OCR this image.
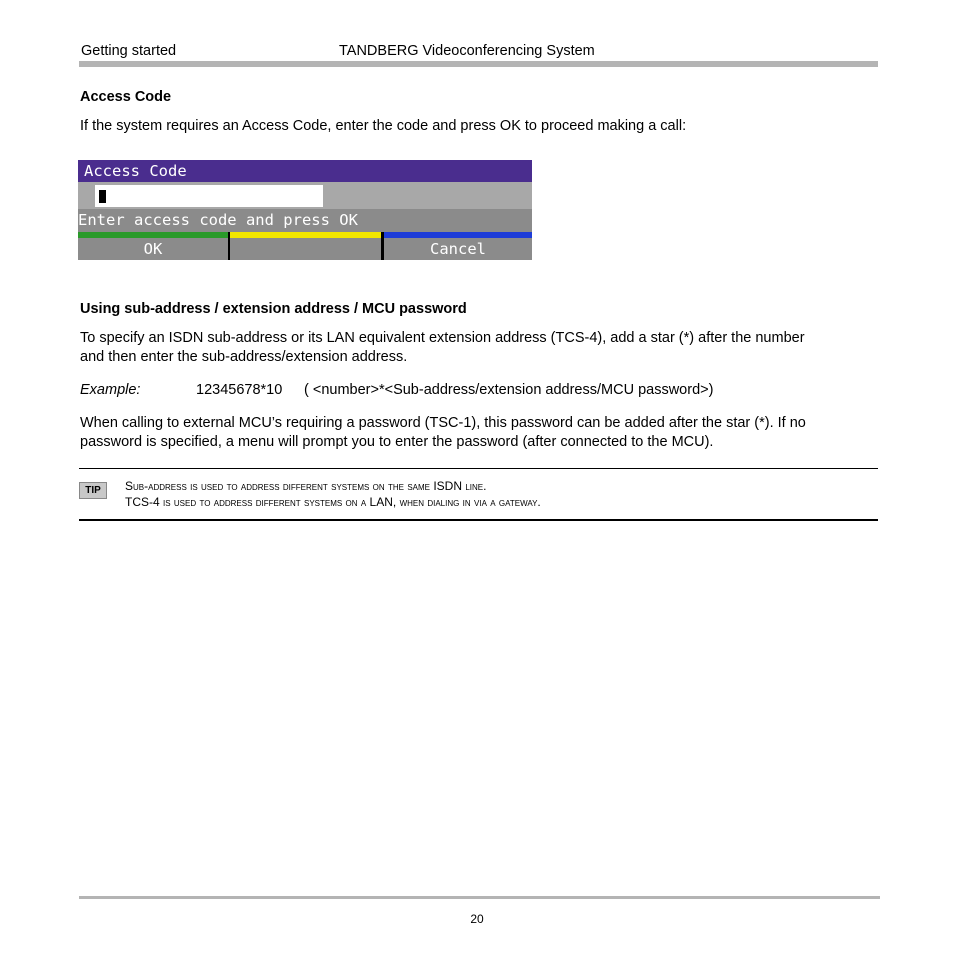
Getting started	TANDBERG Videoconferencing System
Access Code
If the system requires an Access Code, enter the code and press OK to proceed making a call:
Access Code
Enter access code and press OK
OK	Cancel
Using sub-address / extension address / MCU password
To specify an ISDN sub-address or its LAN equivalent extension address (TCS-4), add a star (*) after the number
and then enter the sub-address/extension address.
Example:	12345678*10 ( <number>*<Sub-address/extension address/MCU password>)
When calling to external MCU’s requiring a password (TSC-1), this password can be added after the star (*). If no
password is specified, a menu will prompt you to enter the password (after connected to the MCU).
TIP	Sub-address is used to address different systems on the same ISDN line.
TCS-4 is used to address different systems on a LAN, when dialing in via a gateway.
20
